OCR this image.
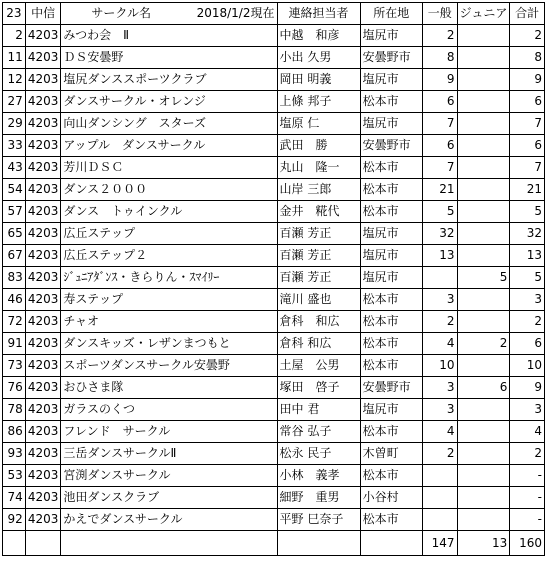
23	中信	サークル名 2018/1/2現在	連絡担当者	所在地	一般	ジュニア	合計
2	4203	みつわ会　Ⅱ	中越　和彦	塩尻市	2		2
11	4203	ＤＳ安曇野	小出 久男	安曇野市	8		8
12	4203	塩尻ダンススポーツクラブ	岡田 明義	塩尻市	9		9
27	4203	ダンスサークル・オレンジ	上條 邦子	松本市	6		6
29	4203	向山ダンシング　スターズ	塩原 仁	塩尻市	7		7
33	4203	アップル　ダンスサークル	武田　勝	安曇野市	6		6
43	4203	芳川ＤＳＣ	丸山　隆一	松本市	7		7
54	4203	ダンス２０００	山岸 三郎	松本市	21		21
57	4203	ダンス　トゥインクル	金井　糀代	松本市	5		5
65	4203	広丘ステップ	百瀬 芳正	塩尻市	32		32
67	4203	広丘ステップ２	百瀬 芳正	塩尻市	13		13
83	4203	ｼﾞｭﾆｱﾀﾞﾝｽ・きらりん・ｽﾏｲﾘｰ	百瀬 芳正	塩尻市		5	5
46	4203	寿ステップ	滝川 盛也	松本市	3		3
72	4203	チャオ	倉科　和広	松本市	2		2
91	4203	ダンスキッズ・レザンまつもと	倉科 和広	松本市	4	2	6
73	4203	スポーツダンスサークル安曇野	土屋　公男	松本市	10		10
76	4203	おひさま隊	塚田　啓子	安曇野市	3	6	9
78	4203	ガラスのくつ	田中 君	塩尻市	3		3
86	4203	フレンド　サークル	常谷 弘子	松本市	4		4
93	4203	三岳ダンスサークルⅡ	松永 民子	木曽町	2		2
53	4203	宮渕ダンスサークル	小林　義孝	松本市			-
74	4203	池田ダンスクラブ	細野　重男	小谷村			-
92	4203	かえでダンスサークル	平野 巳奈子	松本市			-
					147	13	160
